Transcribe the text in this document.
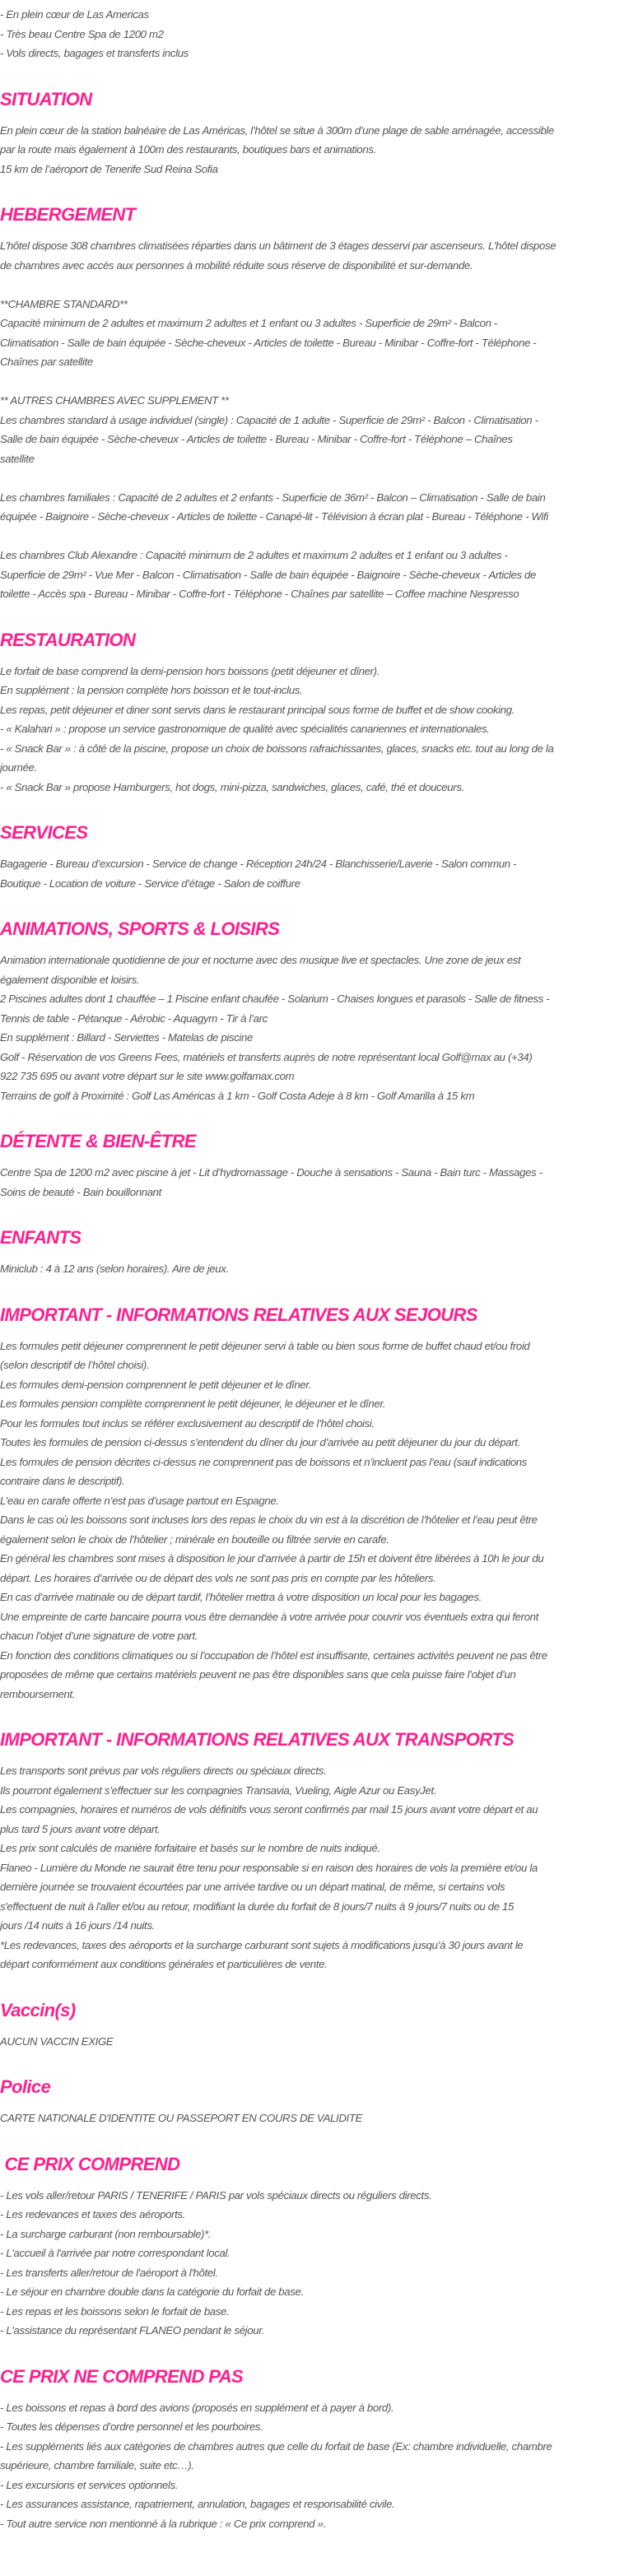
- En plein cœur de Las Americas

- Très beau Centre Spa de 1200 m2

- Vols directs, bagages et transferts inclus

SITUATION

En plein cœur de la station balnéaire de Las Américas, l’hôtel se situe à 300m d’une plage de sable aménagée, accessible

par la route mais également à 100m des restaurants, boutiques bars et animations.

15 km de l’aéroport de Tenerife Sud Reina Sofia

HEBERGEMENT

L’hôtel dispose 308 chambres climatisées réparties dans un bâtiment de 3 étages desservi par ascenseurs. L'hôtel dispose

de chambres avec accès aux personnes à mobilité réduite sous réserve de disponibilité et sur-demande.

**CHAMBRE STANDARD**

Capacité minimum de 2 adultes et maximum 2 adultes et 1 enfant ou 3 adultes - Superficie de 29m² - Balcon -

Climatisation - Salle de bain équipée - Sèche-cheveux - Articles de toilette - Bureau - Minibar - Coffre-fort - Téléphone -

Chaînes par satellite

** AUTRES CHAMBRES AVEC SUPPLEMENT **

Les chambres standard à usage individuel (single) : Capacité de 1 adulte - Superficie de 29m² - Balcon - Climatisation -

Salle de bain équipée - Sèche-cheveux - Articles de toilette - Bureau - Minibar - Coffre-fort - Téléphone – Chaînes

satellite

Les chambres familiales : Capacité de 2 adultes et 2 enfants - Superficie de 36m² - Balcon – Climatisation - Salle de bain

équipée - Baignoire - Sèche-cheveux - Articles de toilette - Canapé-lit - Télévision à écran plat - Bureau - Téléphone - Wifi

Les chambres Club Alexandre : Capacité minimum de 2 adultes et maximum 2 adultes et 1 enfant ou 3 adultes -

Superficie de 29m² - Vue Mer - Balcon - Climatisation - Salle de bain équipée - Baignoire - Sèche-cheveux - Articles de

toilette - Accès spa - Bureau - Minibar - Coffre-fort - Téléphone - Chaînes par satellite – Coffee machine Nespresso

RESTAURATION

Le forfait de base comprend la demi-pension hors boissons (petit déjeuner et dîner).

En supplément : la pension complète hors boisson et le tout-inclus.

Les repas, petit déjeuner et diner sont servis dans le restaurant principal sous forme de buffet et de show cooking.

- « Kalahari » : propose un service gastronomique de qualité avec spécialités canariennes et internationales.

- « Snack Bar » : à côté de la piscine, propose un choix de boissons rafraichissantes, glaces, snacks etc. tout au long de la

journée.

- « Snack Bar » propose Hamburgers, hot dogs, mini-pizza, sandwiches, glaces, café, thé et douceurs.

SERVICES

Bagagerie - Bureau d’excursion - Service de change - Réception 24h/24 - Blanchisserie/Laverie - Salon commun -

Boutique - Location de voiture - Service d’étage - Salon de coiffure

ANIMATIONS, SPORTS & LOISIRS

Animation internationale quotidienne de jour et nocturne avec des musique live et spectacles. Une zone de jeux est

également disponible et loisirs.

2 Piscines adultes dont 1 chauffée – 1 Piscine enfant chaufée - Solarium - Chaises longues et parasols - Salle de fitness -

Tennis de table - Pétanque - Aérobic - Aquagym - Tir à l’arc

En supplément : Billard - Serviettes - Matelas de piscine

Golf - Réservation de vos Greens Fees, matériels et transferts auprès de notre représentant local Golf@max au (+34)

922 735 695 ou avant votre départ sur le site www.golfamax.com

Terrains de golf à Proximité : Golf Las Américas à 1 km - Golf Costa Adeje à 8 km - Golf Amarilla à 15 km

DÉTENTE & BIEN-ÊTRE

Centre Spa de 1200 m2 avec piscine à jet - Lit d’hydromassage - Douche à sensations - Sauna - Bain turc - Massages -

Soins de beauté - Bain bouillonnant

ENFANTS

Miniclub : 4 à 12 ans (selon horaires). Aire de jeux.

IMPORTANT - INFORMATIONS RELATIVES AUX SEJOURS

Les formules petit déjeuner comprennent le petit déjeuner servi à table ou bien sous forme de buffet chaud et/ou froid

(selon descriptif de l’hôtel choisi).

Les formules demi-pension comprennent le petit déjeuner et le dîner.

Les formules pension complète comprennent le petit déjeuner, le déjeuner et le dîner.

Pour les formules tout inclus se référer exclusivement au descriptif de l’hôtel choisi.

Toutes les formules de pension ci-dessus s’entendent du dîner du jour d’arrivée au petit déjeuner du jour du départ.

Les formules de pension décrites ci-dessus ne comprennent pas de boissons et n’incluent pas l’eau (sauf indications

contraire dans le descriptif).

L’eau en carafe offerte n’est pas d’usage partout en Espagne.

Dans le cas où les boissons sont incluses lors des repas le choix du vin est à la discrétion de l’hôtelier et l’eau peut être

également selon le choix de l’hôtelier ; minérale en bouteille ou filtrée servie en carafe.

En général les chambres sont mises à disposition le jour d’arrivée à partir de 15h et doivent être libérées à 10h le jour du

départ. Les horaires d’arrivée ou de départ des vols ne sont pas pris en compte par les hôteliers.

En cas d’arrivée matinale ou de départ tardif, l’hôtelier mettra à votre disposition un local pour les bagages.

Une empreinte de carte bancaire pourra vous être demandée à votre arrivée pour couvrir vos éventuels extra qui feront

chacun l’objet d’une signature de votre part.

En fonction des conditions climatiques ou si l’occupation de l’hôtel est insuffisante, certaines activités peuvent ne pas être

proposées de même que certains matériels peuvent ne pas être disponibles sans que cela puisse faire l’objet d’un

remboursement.

IMPORTANT - INFORMATIONS RELATIVES AUX TRANSPORTS

Les transports sont prévus par vols réguliers directs ou spéciaux directs.

Ils pourront également s’effectuer sur les compagnies Transavia, Vueling, Aigle Azur ou EasyJet.

Les compagnies, horaires et numéros de vols définitifs vous seront confirmés par mail 15 jours avant votre départ et au

plus tard 5 jours avant votre départ.

Les prix sont calculés de manière forfaitaire et basés sur le nombre de nuits indiqué.

Flaneo - Lumière du Monde ne saurait être tenu pour responsable si en raison des horaires de vols la première et/ou la

dernière journée se trouvaient écourtées par une arrivée tardive ou un départ matinal, de même, si certains vols

s'effectuent de nuit à l'aller et/ou au retour, modifiant la durée du forfait de 8 jours/7 nuits à 9 jours/7 nuits ou de 15

jours /14 nuits à 16 jours /14 nuits.

*Les redevances, taxes des aéroports et la surcharge carburant sont sujets à modifications jusqu’à 30 jours avant le

départ conformément aux conditions générales et particulières de vente.

Vaccin(s)

AUCUN VACCIN EXIGE

Police

CARTE NATIONALE D'IDENTITE OU PASSEPORT EN COURS DE VALIDITE

CE PRIX COMPREND

- Les vols aller/retour PARIS / TENERIFE / PARIS par vols spéciaux directs ou réguliers directs.

- Les redevances et taxes des aéroports.

- La surcharge carburant (non remboursable)*.

- L'accueil à l'arrivée par notre correspondant local.

- Les transferts aller/retour de l'aéroport à l'hôtel.

- Le séjour en chambre double dans la catégorie du forfait de base.

- Les repas et les boissons selon le forfait de base.

- L'assistance du représentant FLANEO pendant le séjour.

CE PRIX NE COMPREND PAS

- Les boissons et repas à bord des avions (proposés en supplément et à payer à bord).

- Toutes les dépenses d’ordre personnel et les pourboires.

- Les suppléments liés aux catégories de chambres autres que celle du forfait de base (Ex: chambre individuelle, chambre

supérieure, chambre familiale, suite etc…).

- Les excursions et services optionnels.

- Les assurances assistance, rapatriement, annulation, bagages et responsabilité civile.

- Tout autre service non mentionné à la rubrique : « Ce prix comprend ».
